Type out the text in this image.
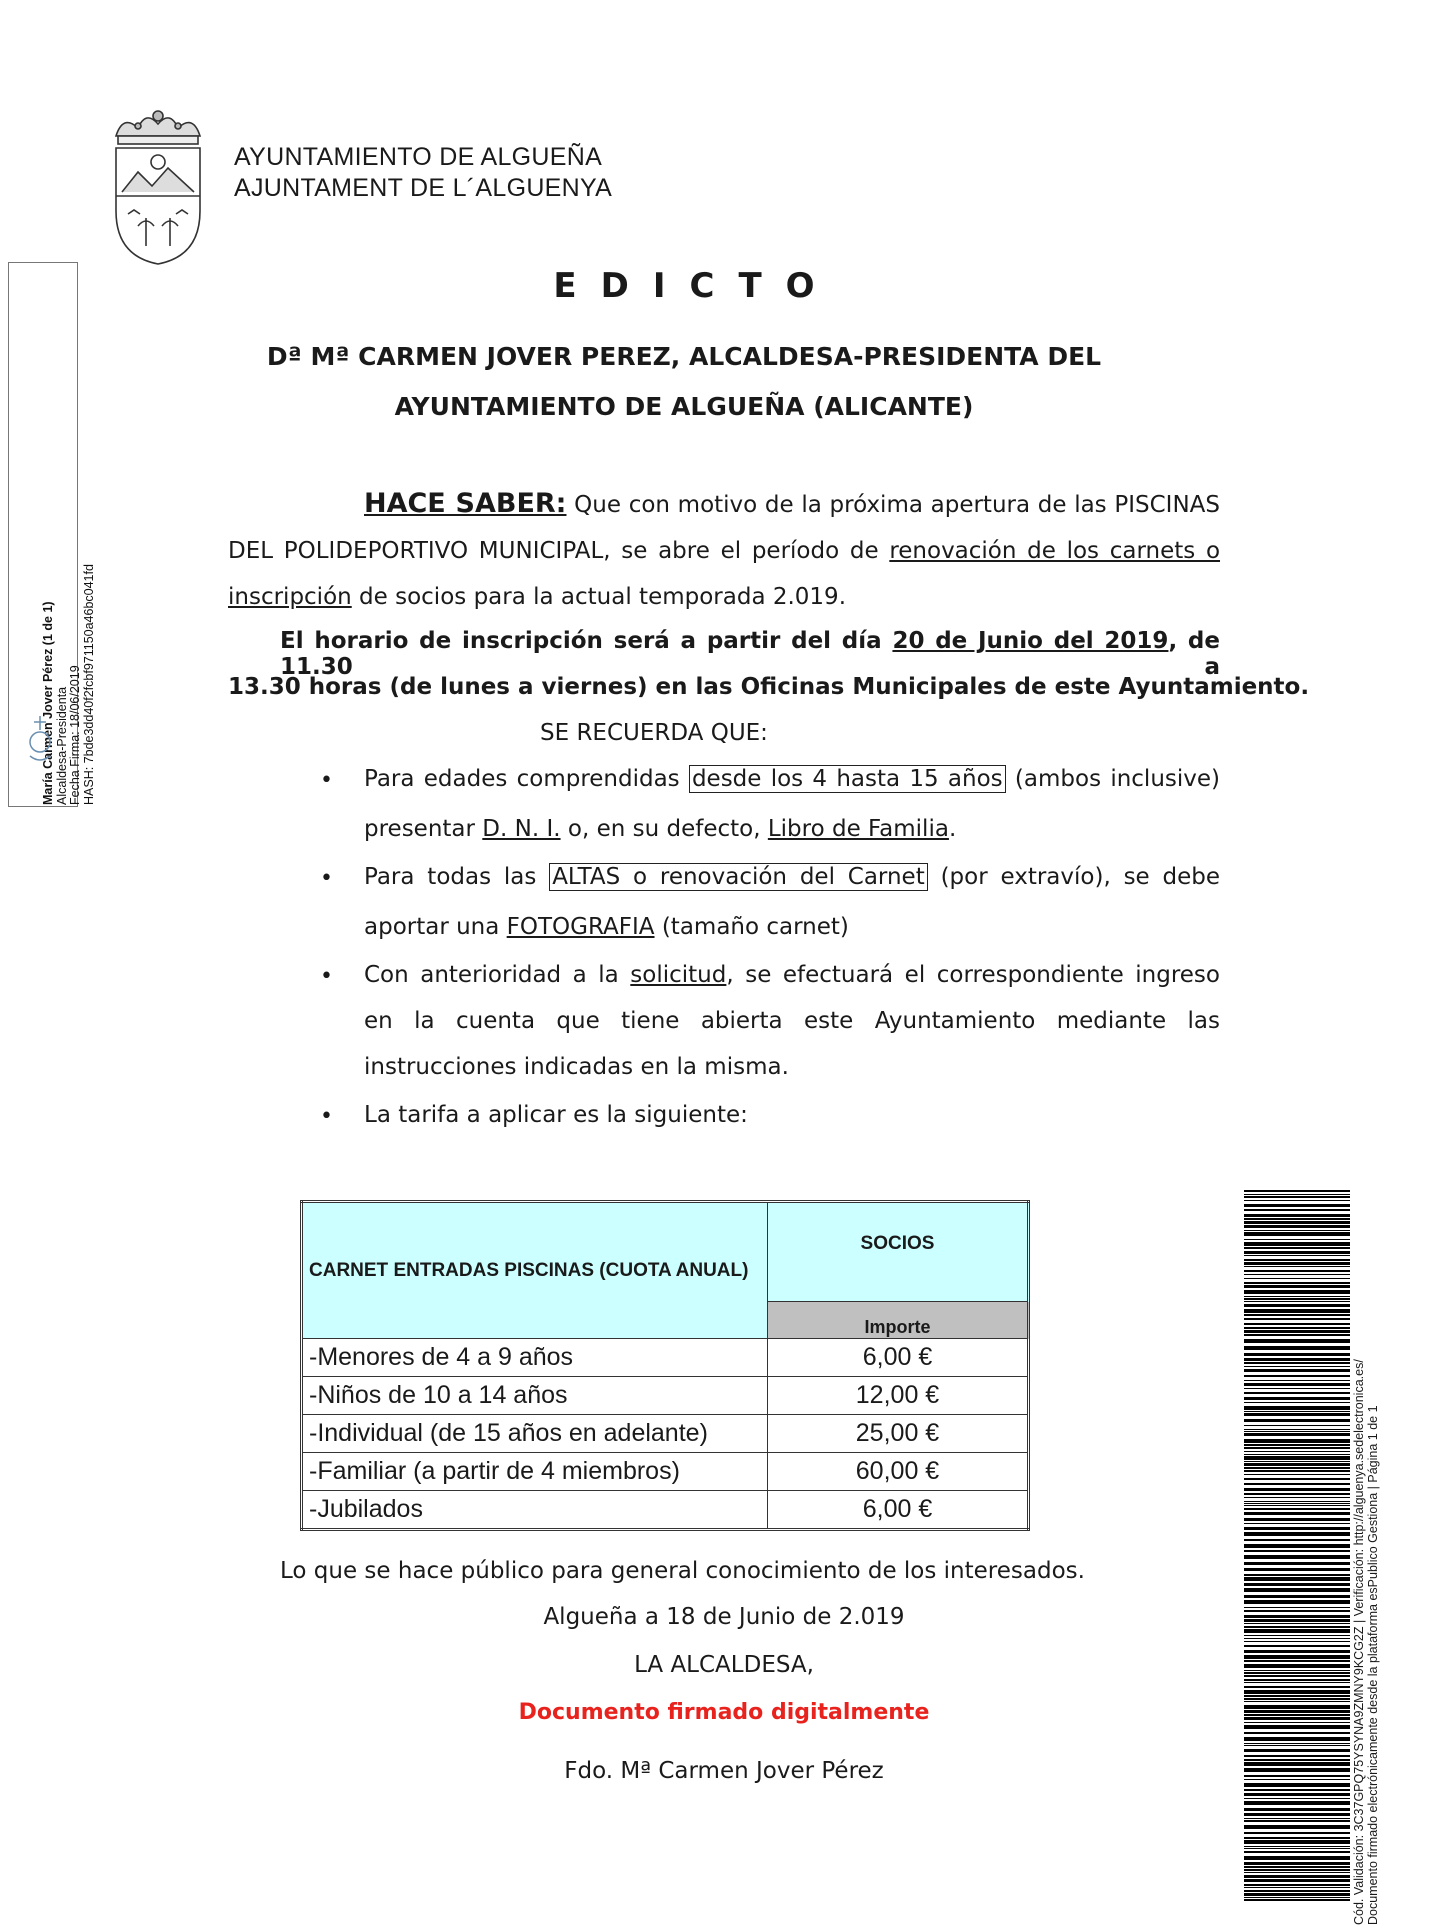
AYUNTAMIENTO DE ALGUEÑA
AJUNTAMENT DE L´ALGUENYA
María Carmen Jover Pérez (1 de 1) Alcaldesa-Presidenta Fecha Firma: 18/06/2019 HASH: 7bde3dd40f2fcbf971150a46bc041fd
EDICTO
Dª Mª CARMEN JOVER PEREZ, ALCALDESA-PRESIDENTA DEL
AYUNTAMIENTO DE ALGUEÑA (ALICANTE)
HACE SABER: Que con motivo de la próxima apertura de las PISCINAS
DEL POLIDEPORTIVO MUNICIPAL, se abre el período de renovación de los carnets o
inscripción de socios para la actual temporada 2.019.
El horario de inscripción será a partir del día 20 de Junio del 2019, de 11.30 a
13.30 horas (de lunes a viernes) en las Oficinas Municipales de este Ayuntamiento.
SE RECUERDA QUE:
• Para edades comprendidas desde los 4 hasta 15 años (ambos inclusive)
presentar D. N. I. o, en su defecto, Libro de Familia.
• Para todas las ALTAS o renovación del Carnet (por extravío), se debe
aportar una FOTOGRAFIA (tamaño carnet)
• Con anterioridad a la solicitud, se efectuará el correspondiente ingreso
en la cuenta que tiene abierta este Ayuntamiento mediante las
instrucciones indicadas en la misma.
• La tarifa a aplicar es la siguiente:
CARNET ENTRADAS PISCINAS (CUOTA ANUAL)	SOCIOS
	Importe
-Menores de 4 a 9 años	6,00 €
-Niños de 10 a 14 años	12,00 €
-Individual (de 15 años en adelante)	25,00 €
-Familiar (a partir de 4 miembros)	60,00 €
-Jubilados	6,00 €
Lo que se hace público para general conocimiento de los interesados.
Algueña a 18 de Junio de 2.019
LA ALCALDESA,
Documento firmado digitalmente
Fdo. Mª Carmen Jover Pérez	Cód. Validación: 3C37GPQ75YSYNA9ZMNY9KCG2Z | Verificación: http://alguenya.sedelectronica.es/ Documento firmado electrónicamente desde la plataforma esPublico Gestiona | Página 1 de 1
